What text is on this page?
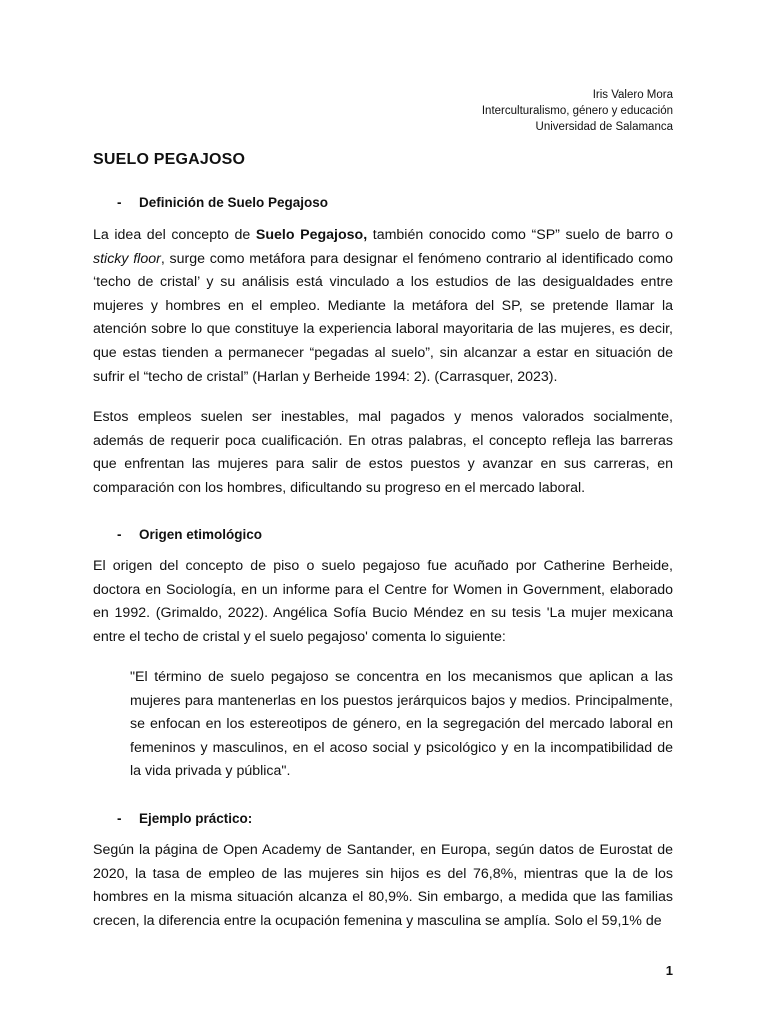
Iris Valero Mora
Interculturalismo, género y educación
Universidad de Salamanca
SUELO PEGAJOSO
-	Definición de Suelo Pegajoso

La idea del concepto de Suelo Pegajoso, también conocido como “SP” suelo de barro o sticky floor, surge como metáfora para designar el fenómeno contrario al identificado como ‘techo de cristal’ y su análisis está vinculado a los estudios de las desigualdades entre mujeres y hombres en el empleo. Mediante la metáfora del SP, se pretende llamar la atención sobre lo que constituye la experiencia laboral mayoritaria de las mujeres, es decir, que estas tienden a permanecer “pegadas al suelo”, sin alcanzar a estar en situación de sufrir el “techo de cristal” (Harlan y Berheide 1994: 2). (Carrasquer, 2023).

Estos empleos suelen ser inestables, mal pagados y menos valorados socialmente, además de requerir poca cualificación. En otras palabras, el concepto refleja las barreras que enfrentan las mujeres para salir de estos puestos y avanzar en sus carreras, en comparación con los hombres, dificultando su progreso en el mercado laboral.

-	Origen etimológico

El origen del concepto de piso o suelo pegajoso fue acuñado por Catherine Berheide, doctora en Sociología, en un informe para el Centre for Women in Government, elaborado en 1992. (Grimaldo, 2022). Angélica Sofía Bucio Méndez en su tesis 'La mujer mexicana entre el techo de cristal y el suelo pegajoso' comenta lo siguiente:

"El término de suelo pegajoso se concentra en los mecanismos que aplican a las mujeres para mantenerlas en los puestos jerárquicos bajos y medios. Principalmente, se enfocan en los estereotipos de género, en la segregación del mercado laboral en femeninos y masculinos, en el acoso social y psicológico y en la incompatibilidad de la vida privada y pública".

-	Ejemplo práctico:

Según la página de Open Academy de Santander, en Europa, según datos de Eurostat de 2020, la tasa de empleo de las mujeres sin hijos es del 76,8%, mientras que la de los hombres en la misma situación alcanza el 80,9%. Sin embargo, a medida que las familias crecen, la diferencia entre la ocupación femenina y masculina se amplía. Solo el 59,1% de

1
